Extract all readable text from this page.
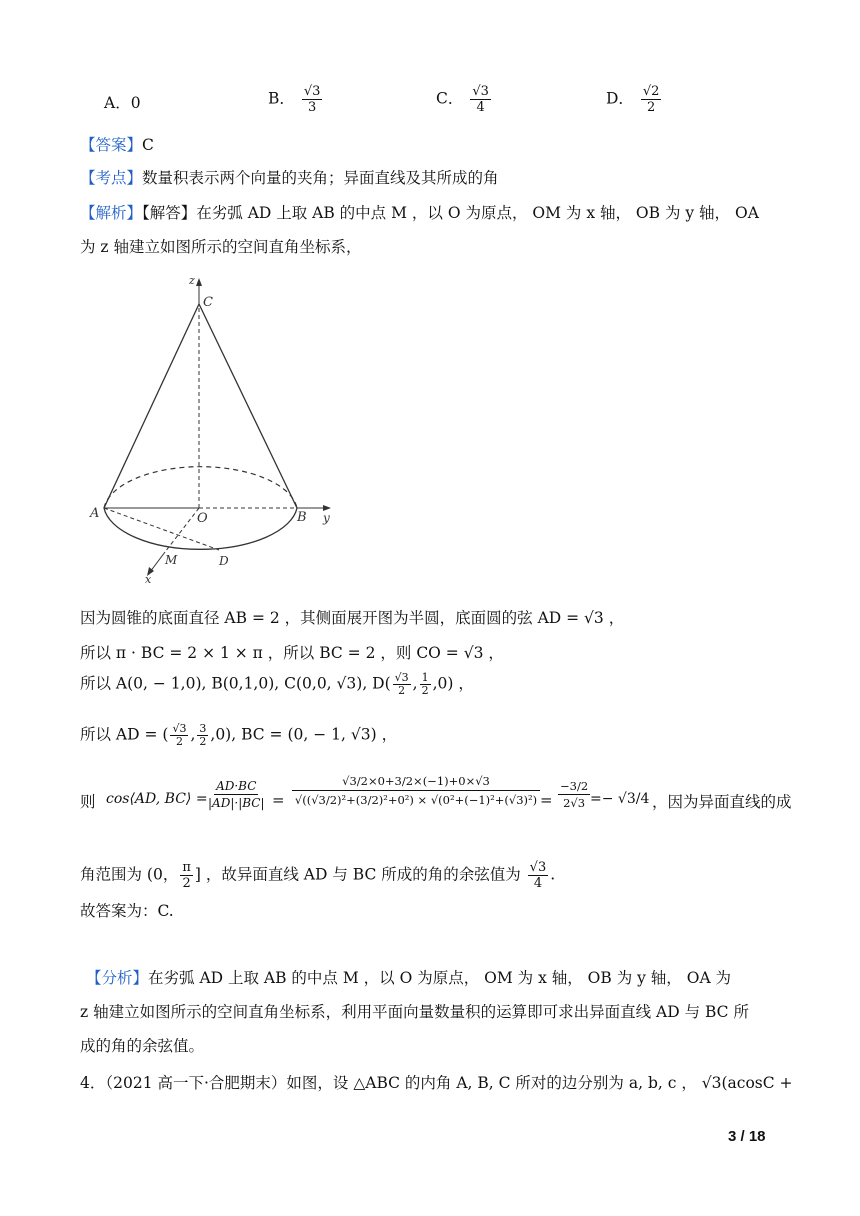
A．0	B． $\frac{√3}{3}$	C． $\frac{√3}{4}$	D． $\frac{√2}{2}$
【答案】C
【考点】数量积表示两个向量的夹角；异面直线及其所成的角
【解析】【解答】在劣弧 AD 上取 AB 的中点 M ，以 O 为原点， OM 为 x 轴， OB 为 y 轴， OA
为 z 轴建立如图所示的空间直角坐标系，
z
C
A	O	B y
M	D
x
因为圆锥的底面直径 AB = 2 ，其侧面展开图为半圆，底面圆的弦 AD = √3 ，
所以 π · BC = 2 × 1 × π ，所以 BC = 2 ，则 CO = √3 ，
所以 A(0, − 1,0), B(0,1,0), C(0,0, √3), $D( \frac{√3}{2}$ , $\frac{1}{2} ,0$) ，
所以 AD = ( $\frac{√3}{2}$ , $\frac{3}{2} ,0$), BC = (0, − 1, √3) ，
则 cos⟨AD, BC⟩ =
$\frac{AD\cdot BC}{|AD|\cdot|BC|} = \frac{√3/2\times 0+3/2\times(-1)+0\times√3}{\text{√((√3/2)²+(3/2)²+0²) × √(0²+(−1)²+(√3)²)}} = \frac{-3/2}{2√3} =- √3/4$ ，因为异面直线的成
角范围为 (0， $\frac{\pi}{2}$ ] ，故异面直线 AD 与 BC 所成的角的余弦值为 $\frac{√3}{4}$ .
故答案为：C.
【分析】在劣弧 AD 上取 AB 的中点 M ，以 O 为原点， OM 为 x 轴， OB 为 y 轴， OA 为
z 轴建立如图所示的空间直角坐标系，利用平面向量数量积的运算即可求出异面直线 AD 与 BC 所
成的角的余弦值。
4．（2021 高一下·合肥期末）如图，设 △ABC 的内角 A, B, C 所对的边分别为 a, b, c ， √3(acosC +
3 / 18
